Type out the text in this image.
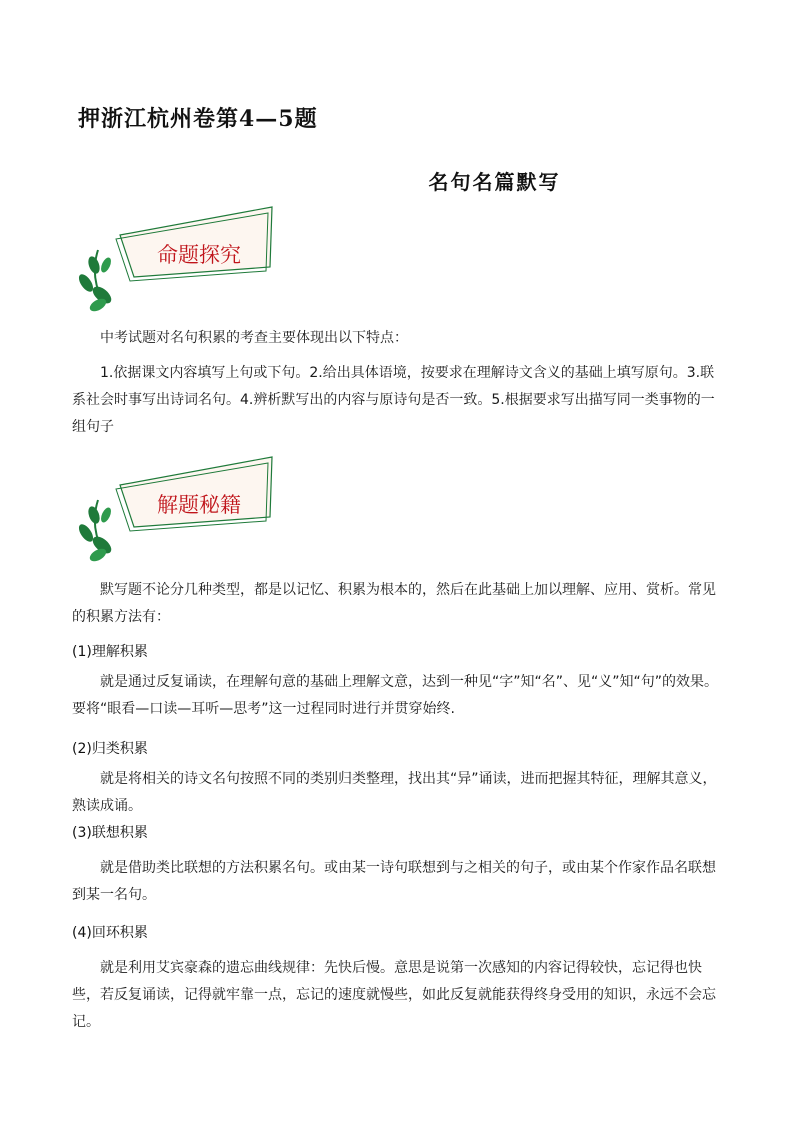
押浙江杭州卷第4—5题
名句名篇默写
命题探究
中考试题对名句积累的考查主要体现出以下特点：
1.依据课文内容填写上句或下句。2.给出具体语境，按要求在理解诗文含义的基础上填写原句。3.联系社会时事写出诗词名句。4.辨析默写出的内容与原诗句是否一致。5.根据要求写出描写同一类事物的一组句子
解题秘籍
默写题不论分几种类型，都是以记忆、积累为根本的，然后在此基础上加以理解、应用、赏析。常见的积累方法有：
(1)理解积累
就是通过反复诵读，在理解句意的基础上理解文意，达到一种见“字”知“名”、见“义”知“句”的效果。要将“眼看—口读—耳听—思考”这一过程同时进行并贯穿始终.
(2)归类积累
就是将相关的诗文名句按照不同的类别归类整理，找出其“异”诵读，进而把握其特征，理解其意义，熟读成诵。
(3)联想积累
就是借助类比联想的方法积累名句。或由某一诗句联想到与之相关的句子，或由某个作家作品名联想到某一名句。
(4)回环积累
就是利用艾宾豪森的遗忘曲线规律：先快后慢。意思是说第一次感知的内容记得较快，忘记得也快些，若反复诵读，记得就牢靠一点，忘记的速度就慢些，如此反复就能获得终身受用的知识，永远不会忘记。
